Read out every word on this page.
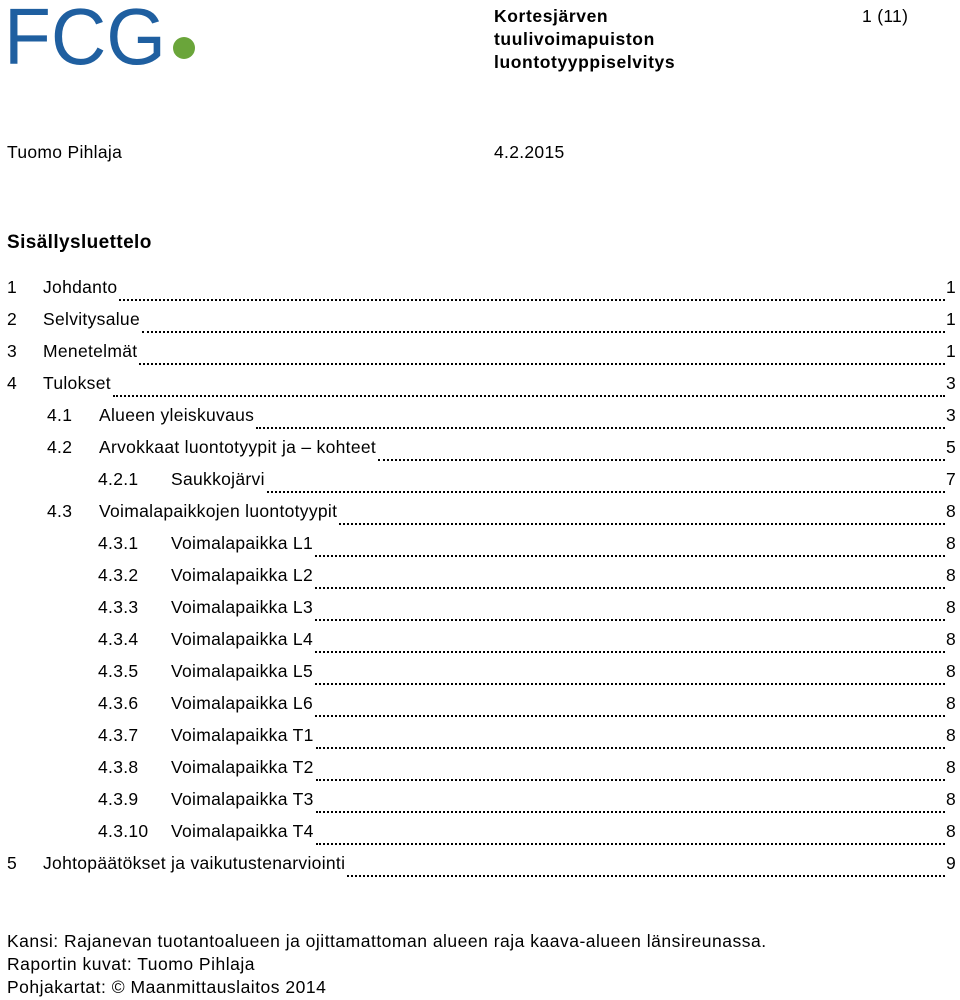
FCG	Kortesjärven
tuulivoimapuiston
luontotyyppiselvitys
1 (11)
Tuomo Pihlaja	4.2.2015
Sisällysluettelo
1	Johdanto	1
2	Selvitysalue	1
3	Menetelmät	1
4	Tulokset	3
4.1	Alueen yleiskuvaus	3
4.2	Arvokkaat luontotyypit ja – kohteet	5
4.2.1	Saukkojärvi	7
4.3	Voimalapaikkojen luontotyypit	8
4.3.1	Voimalapaikka L1	8
4.3.2	Voimalapaikka L2	8
4.3.3	Voimalapaikka L3	8
4.3.4	Voimalapaikka L4	8
4.3.5	Voimalapaikka L5	8
4.3.6	Voimalapaikka L6	8
4.3.7	Voimalapaikka T1	8
4.3.8	Voimalapaikka T2	8
4.3.9	Voimalapaikka T3	8
4.3.10	Voimalapaikka T4	8
5	Johtopäätökset ja vaikutustenarviointi	9
Kansi: Rajanevan tuotantoalueen ja ojittamattoman alueen raja kaava-alueen länsireunassa.
Raportin kuvat: Tuomo Pihlaja
Pohjakartat: © Maanmittauslaitos 2014
